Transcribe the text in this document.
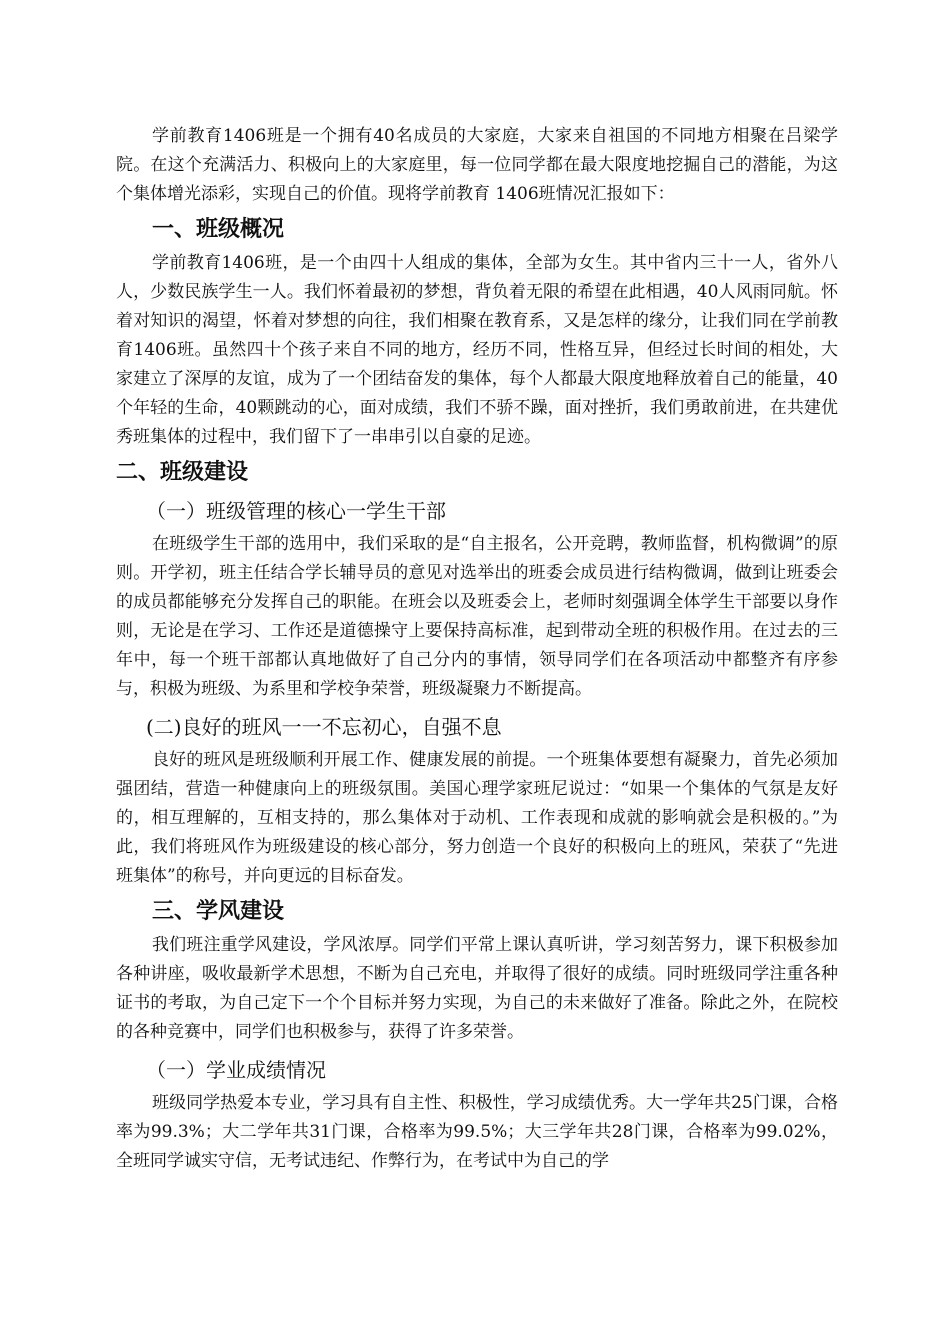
学前教育1406班是一个拥有40名成员的大家庭，大家来自祖国的不同地方相聚在吕梁学院。在这个充满活力、积极向上的大家庭里，每一位同学都在最大限度地挖掘自己的潜能，为这个集体增光添彩，实现自己的价值。现将学前教育 1406班情况汇报如下：

一、班级概况

学前教育1406班，是一个由四十人组成的集体，全部为女生。其中省内三十一人，省外八人，少数民族学生一人。我们怀着最初的梦想，背负着无限的希望在此相遇，40人风雨同航。怀着对知识的渴望，怀着对梦想的向往，我们相聚在教育系，又是怎样的缘分，让我们同在学前教育1406班。虽然四十个孩子来自不同的地方，经历不同，性格互异，但经过长时间的相处，大家建立了深厚的友谊，成为了一个团结奋发的集体，每个人都最大限度地释放着自己的能量，40个年轻的生命，40颗跳动的心，面对成绩，我们不骄不躁，面对挫折，我们勇敢前进，在共建优秀班集体的过程中，我们留下了一串串引以自豪的足迹。

二、班级建设
（一）班级管理的核心一学生干部

在班级学生干部的选用中，我们采取的是“自主报名，公开竞聘，教师监督，机构微调”的原则。开学初，班主任结合学长辅导员的意见对选举出的班委会成员进行结构微调，做到让班委会的成员都能够充分发挥自己的职能。在班会以及班委会上，老师时刻强调全体学生干部要以身作则，无论是在学习、工作还是道德操守上要保持高标准，起到带动全班的积极作用。在过去的三年中，每一个班干部都认真地做好了自己分内的事情，领导同学们在各项活动中都整齐有序参与，积极为班级、为系里和学校争荣誉，班级凝聚力不断提高。

(二)良好的班风一一不忘初心，自强不息

良好的班风是班级顺利开展工作、健康发展的前提。一个班集体要想有凝聚力，首先必须加强团结，营造一种健康向上的班级氛围。美国心理学家班尼说过：“如果一个集体的气氛是友好的，相互理解的，互相支持的，那么集体对于动机、工作表现和成就的影响就会是积极的。”为此，我们将班风作为班级建设的核心部分，努力创造一个良好的积极向上的班风，荣获了“先进班集体”的称号，并向更远的目标奋发。

三、学风建设

我们班注重学风建设，学风浓厚。同学们平常上课认真听讲，学习刻苦努力，课下积极参加各种讲座，吸收最新学术思想，不断为自己充电，并取得了很好的成绩。同时班级同学注重各种证书的考取，为自己定下一个个目标并努力实现，为自己的未来做好了准备。除此之外，在院校的各种竞赛中，同学们也积极参与，获得了许多荣誉。

（一）学业成绩情况

班级同学热爱本专业，学习具有自主性、积极性，学习成绩优秀。大一学年共25门课，合格率为99.3%；大二学年共31门课，合格率为99.5%；大三学年共28门课，合格率为99.02%，全班同学诚实守信，无考试违纪、作弊行为，在考试中为自己的学
